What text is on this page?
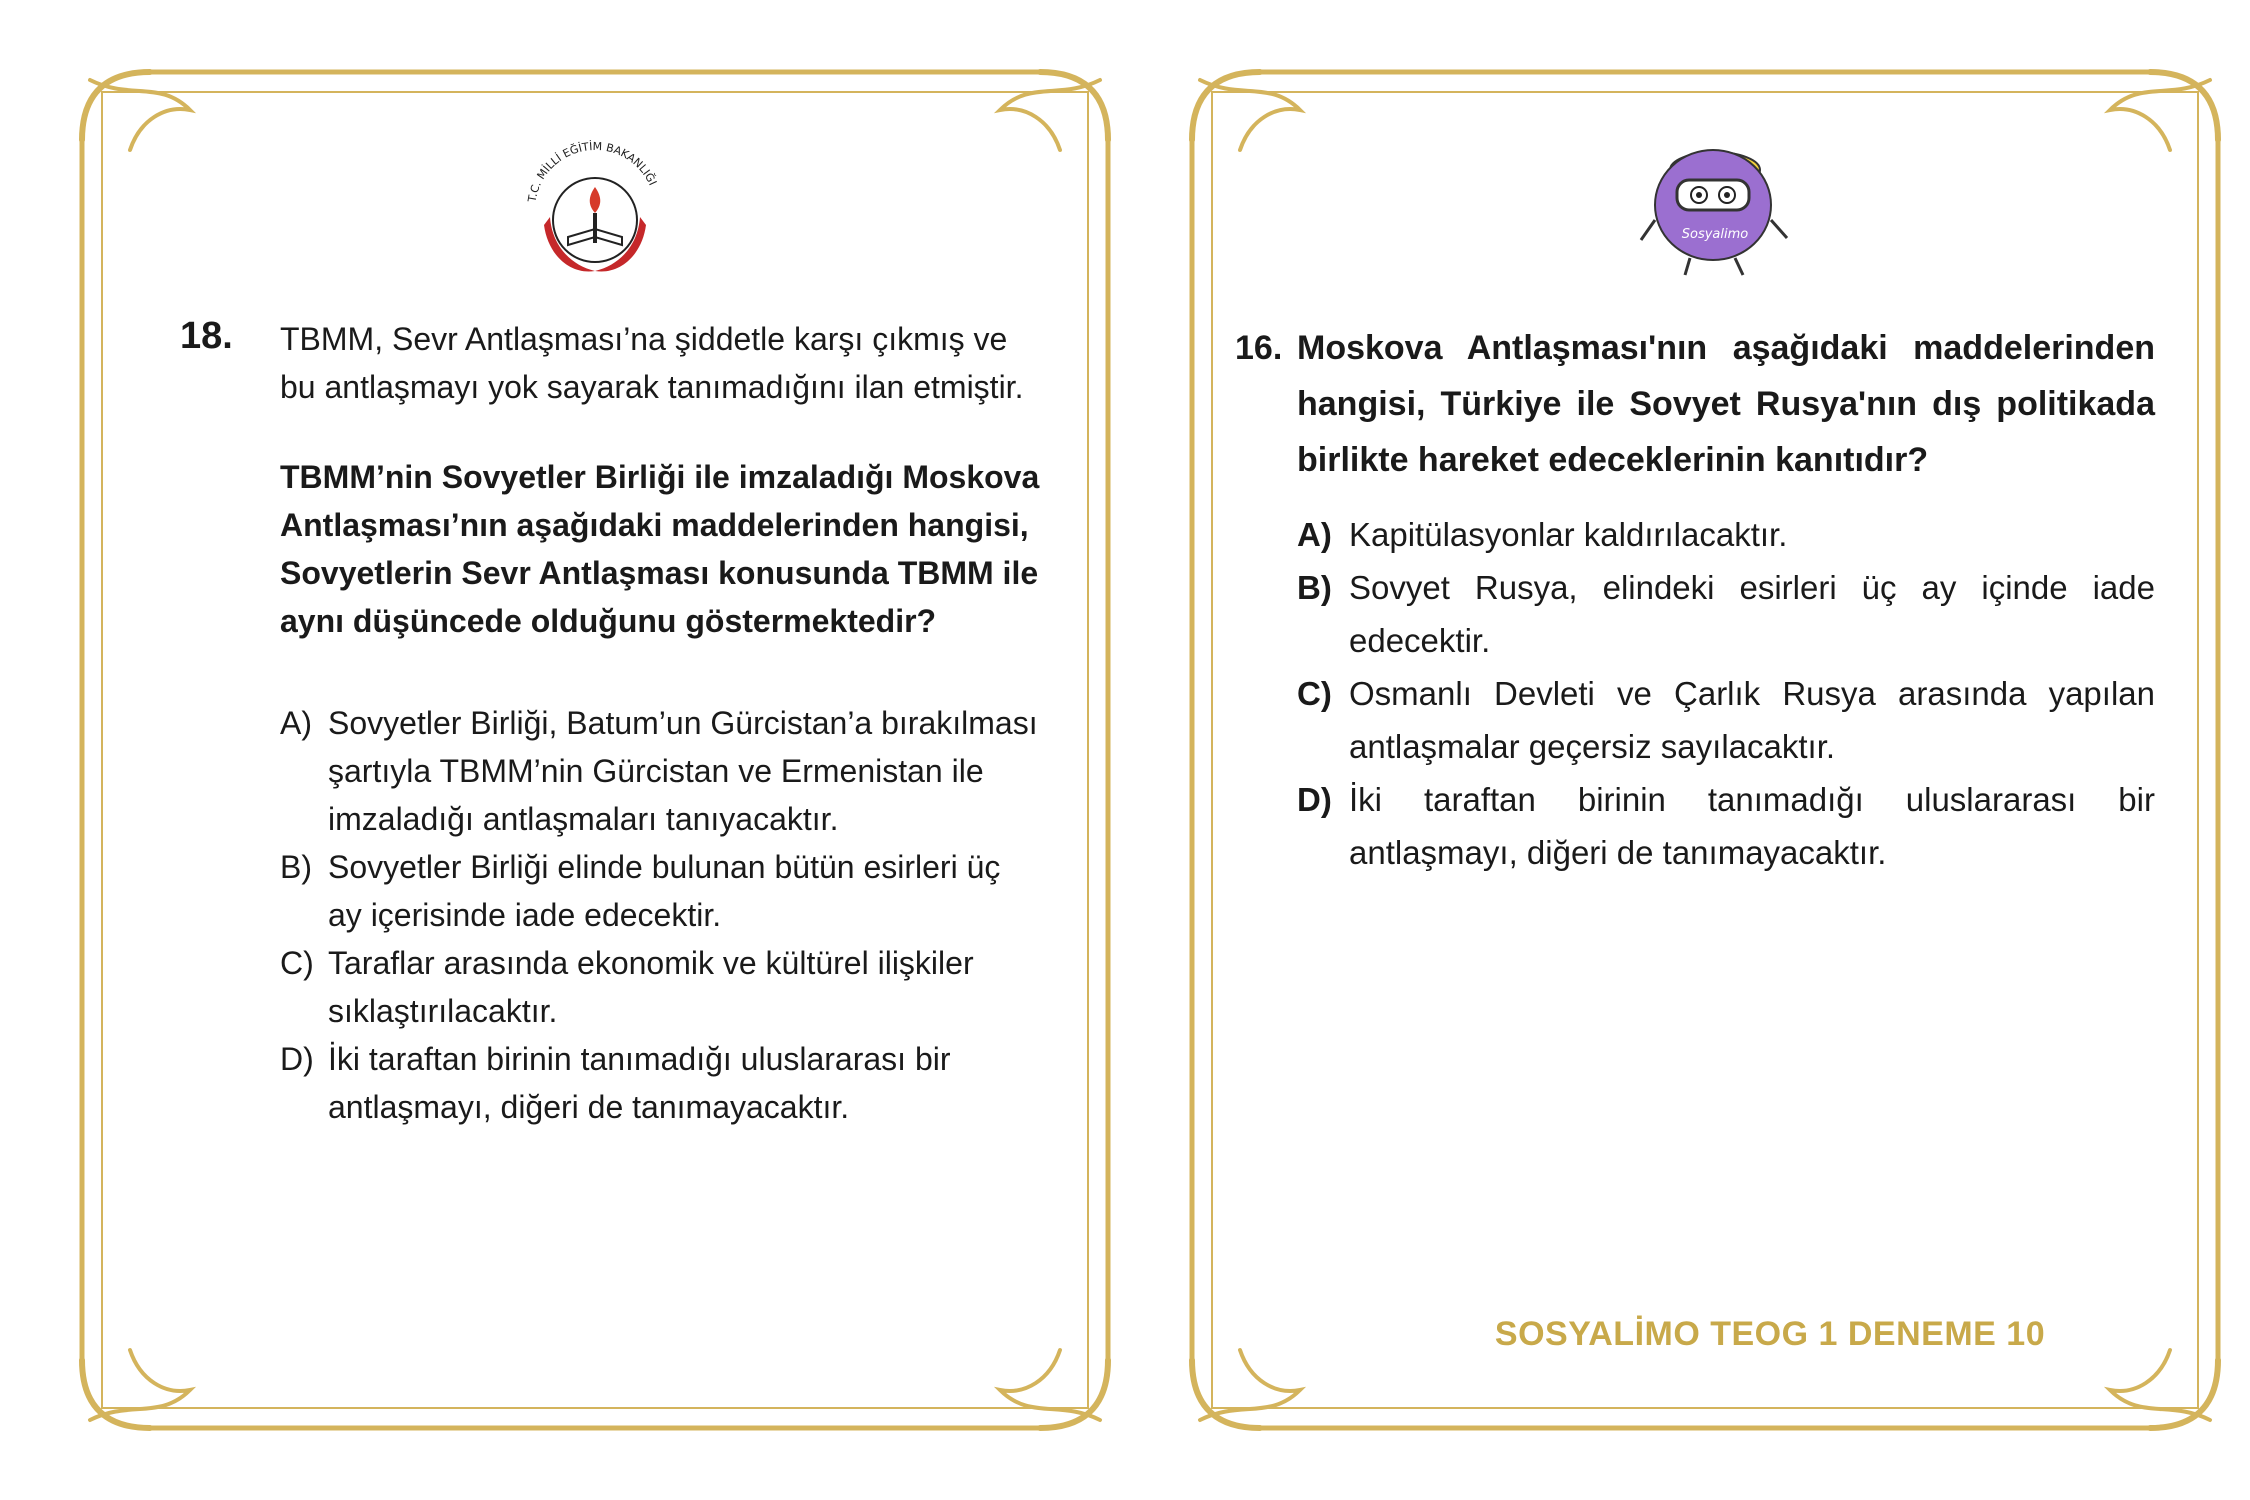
T.C. MİLLİ EĞİTİM BAKANLIĞI
18. TBMM, Sevr Antlaşması’na şiddetle karşı çıkmış ve bu antlaşmayı yok sayarak tanımadığını ilan etmiştir.
TBMM’nin Sovyetler Birliği ile imzaladığı Moskova Antlaşması’nın aşağıdaki maddelerinden hangisi, Sovyetlerin Sevr Antlaşması konusunda TBMM ile aynı düşüncede olduğunu göstermektedir?
A) Sovyetler Birliği, Batum’un Gürcistan’a bırakılması şartıyla TBMM’nin Gürcistan ve Ermenistan ile imzaladığı antlaşmaları tanıyacaktır.
B) Sovyetler Birliği elinde bulunan bütün esirleri üç ay içerisinde iade edecektir.
C) Taraflar arasında ekonomik ve kültürel ilişkiler sıklaştırılacaktır.
D) İki taraftan birinin tanımadığı uluslararası bir antlaşmayı, diğeri de tanımayacaktır.
Sosyalimo
16. Moskova Antlaşması'nın aşağıdaki maddelerinden hangisi, Türkiye ile Sovyet Rusya'nın dış politikada birlikte hareket edeceklerinin kanıtıdır?
A) Kapitülasyonlar kaldırılacaktır.
B) Sovyet Rusya, elindeki esirleri üç ay içinde iade edecektir.
C) Osmanlı Devleti ve Çarlık Rusya arasında yapılan antlaşmalar geçersiz sayılacaktır.
D) İki taraftan birinin tanımadığı uluslararası bir antlaşmayı, diğeri de tanımayacaktır.
SOSYALİMO TEOG 1 DENEME 10
